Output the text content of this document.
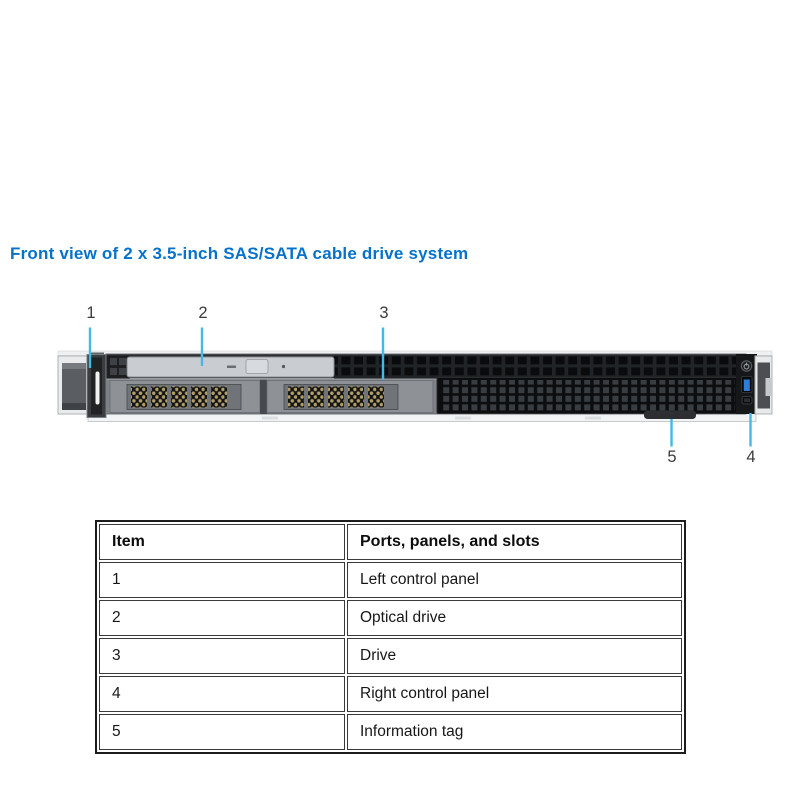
Front view of 2 x 3.5-inch SAS/SATA cable drive system
1	2	3
5	4
Item	Ports, panels, and slots
1	Left control panel
2	Optical drive
3	Drive
4	Right control panel
5	Information tag
